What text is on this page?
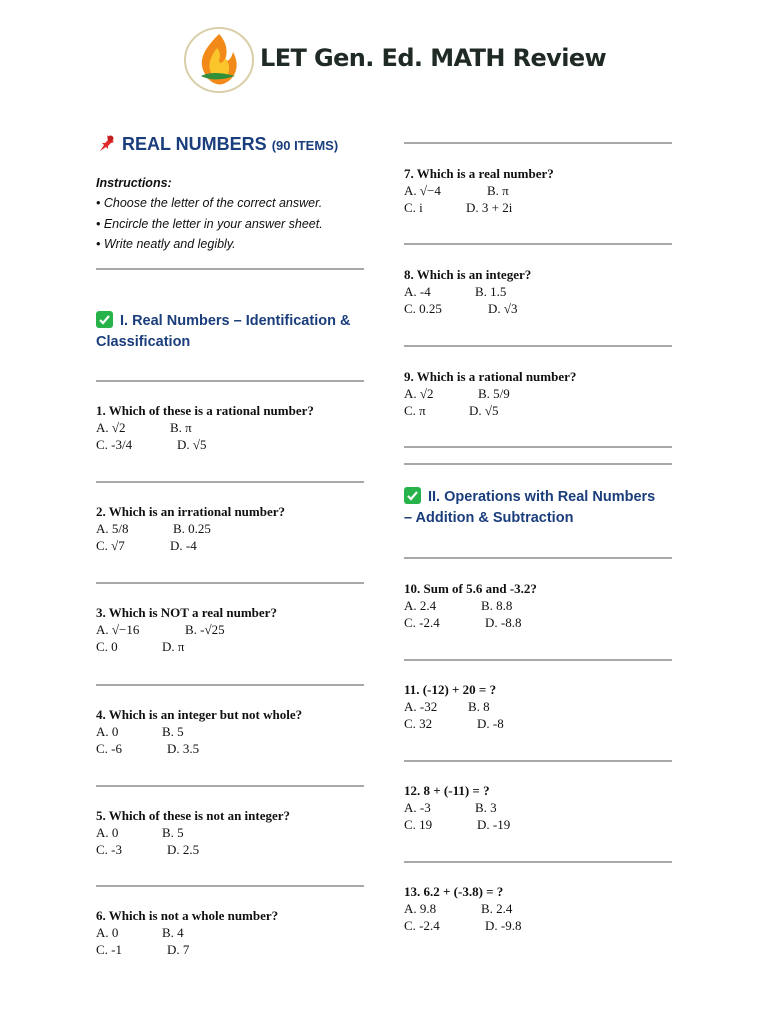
LET Gen. Ed. MATH Review
REAL NUMBERS (90 ITEMS)
Instructions:
• Choose the letter of the correct answer.
• Encircle the letter in your answer sheet.
• Write neatly and legibly.
I. Real Numbers – Identification &
Classification
1. Which of these is a rational number?
A. √2	B. π
C. -3/4	D. √5
2. Which is an irrational number?
A. 5/8	B. 0.25
C. √7	D. -4
3. Which is NOT a real number?
A. √−16	B. -√25
C. 0	D. π
4. Which is an integer but not whole?
A. 0	B. 5
C. -6	D. 3.5
5. Which of these is not an integer?
A. 0	B. 5
C. -3	D. 2.5
6. Which is not a whole number?
A. 0	B. 4
C. -1	D. 7
7. Which is a real number?
A. √−4	B. π
C. i	D. 3 + 2i
8. Which is an integer?
A. -4	B. 1.5
C. 0.25	D. √3
9. Which is a rational number?
A. √2	B. 5/9
C. π	D. √5
II. Operations with Real Numbers
– Addition & Subtraction
10. Sum of 5.6 and -3.2?
A. 2.4	B. 8.8
C. -2.4	D. -8.8
11. (-12) + 20 = ?
A. -32 B. 8
C. 32	D. -8
12. 8 + (-11) = ?
A. -3	B. 3
C. 19	D. -19
13. 6.2 + (-3.8) = ?
A. 9.8	B. 2.4
C. -2.4	D. -9.8
